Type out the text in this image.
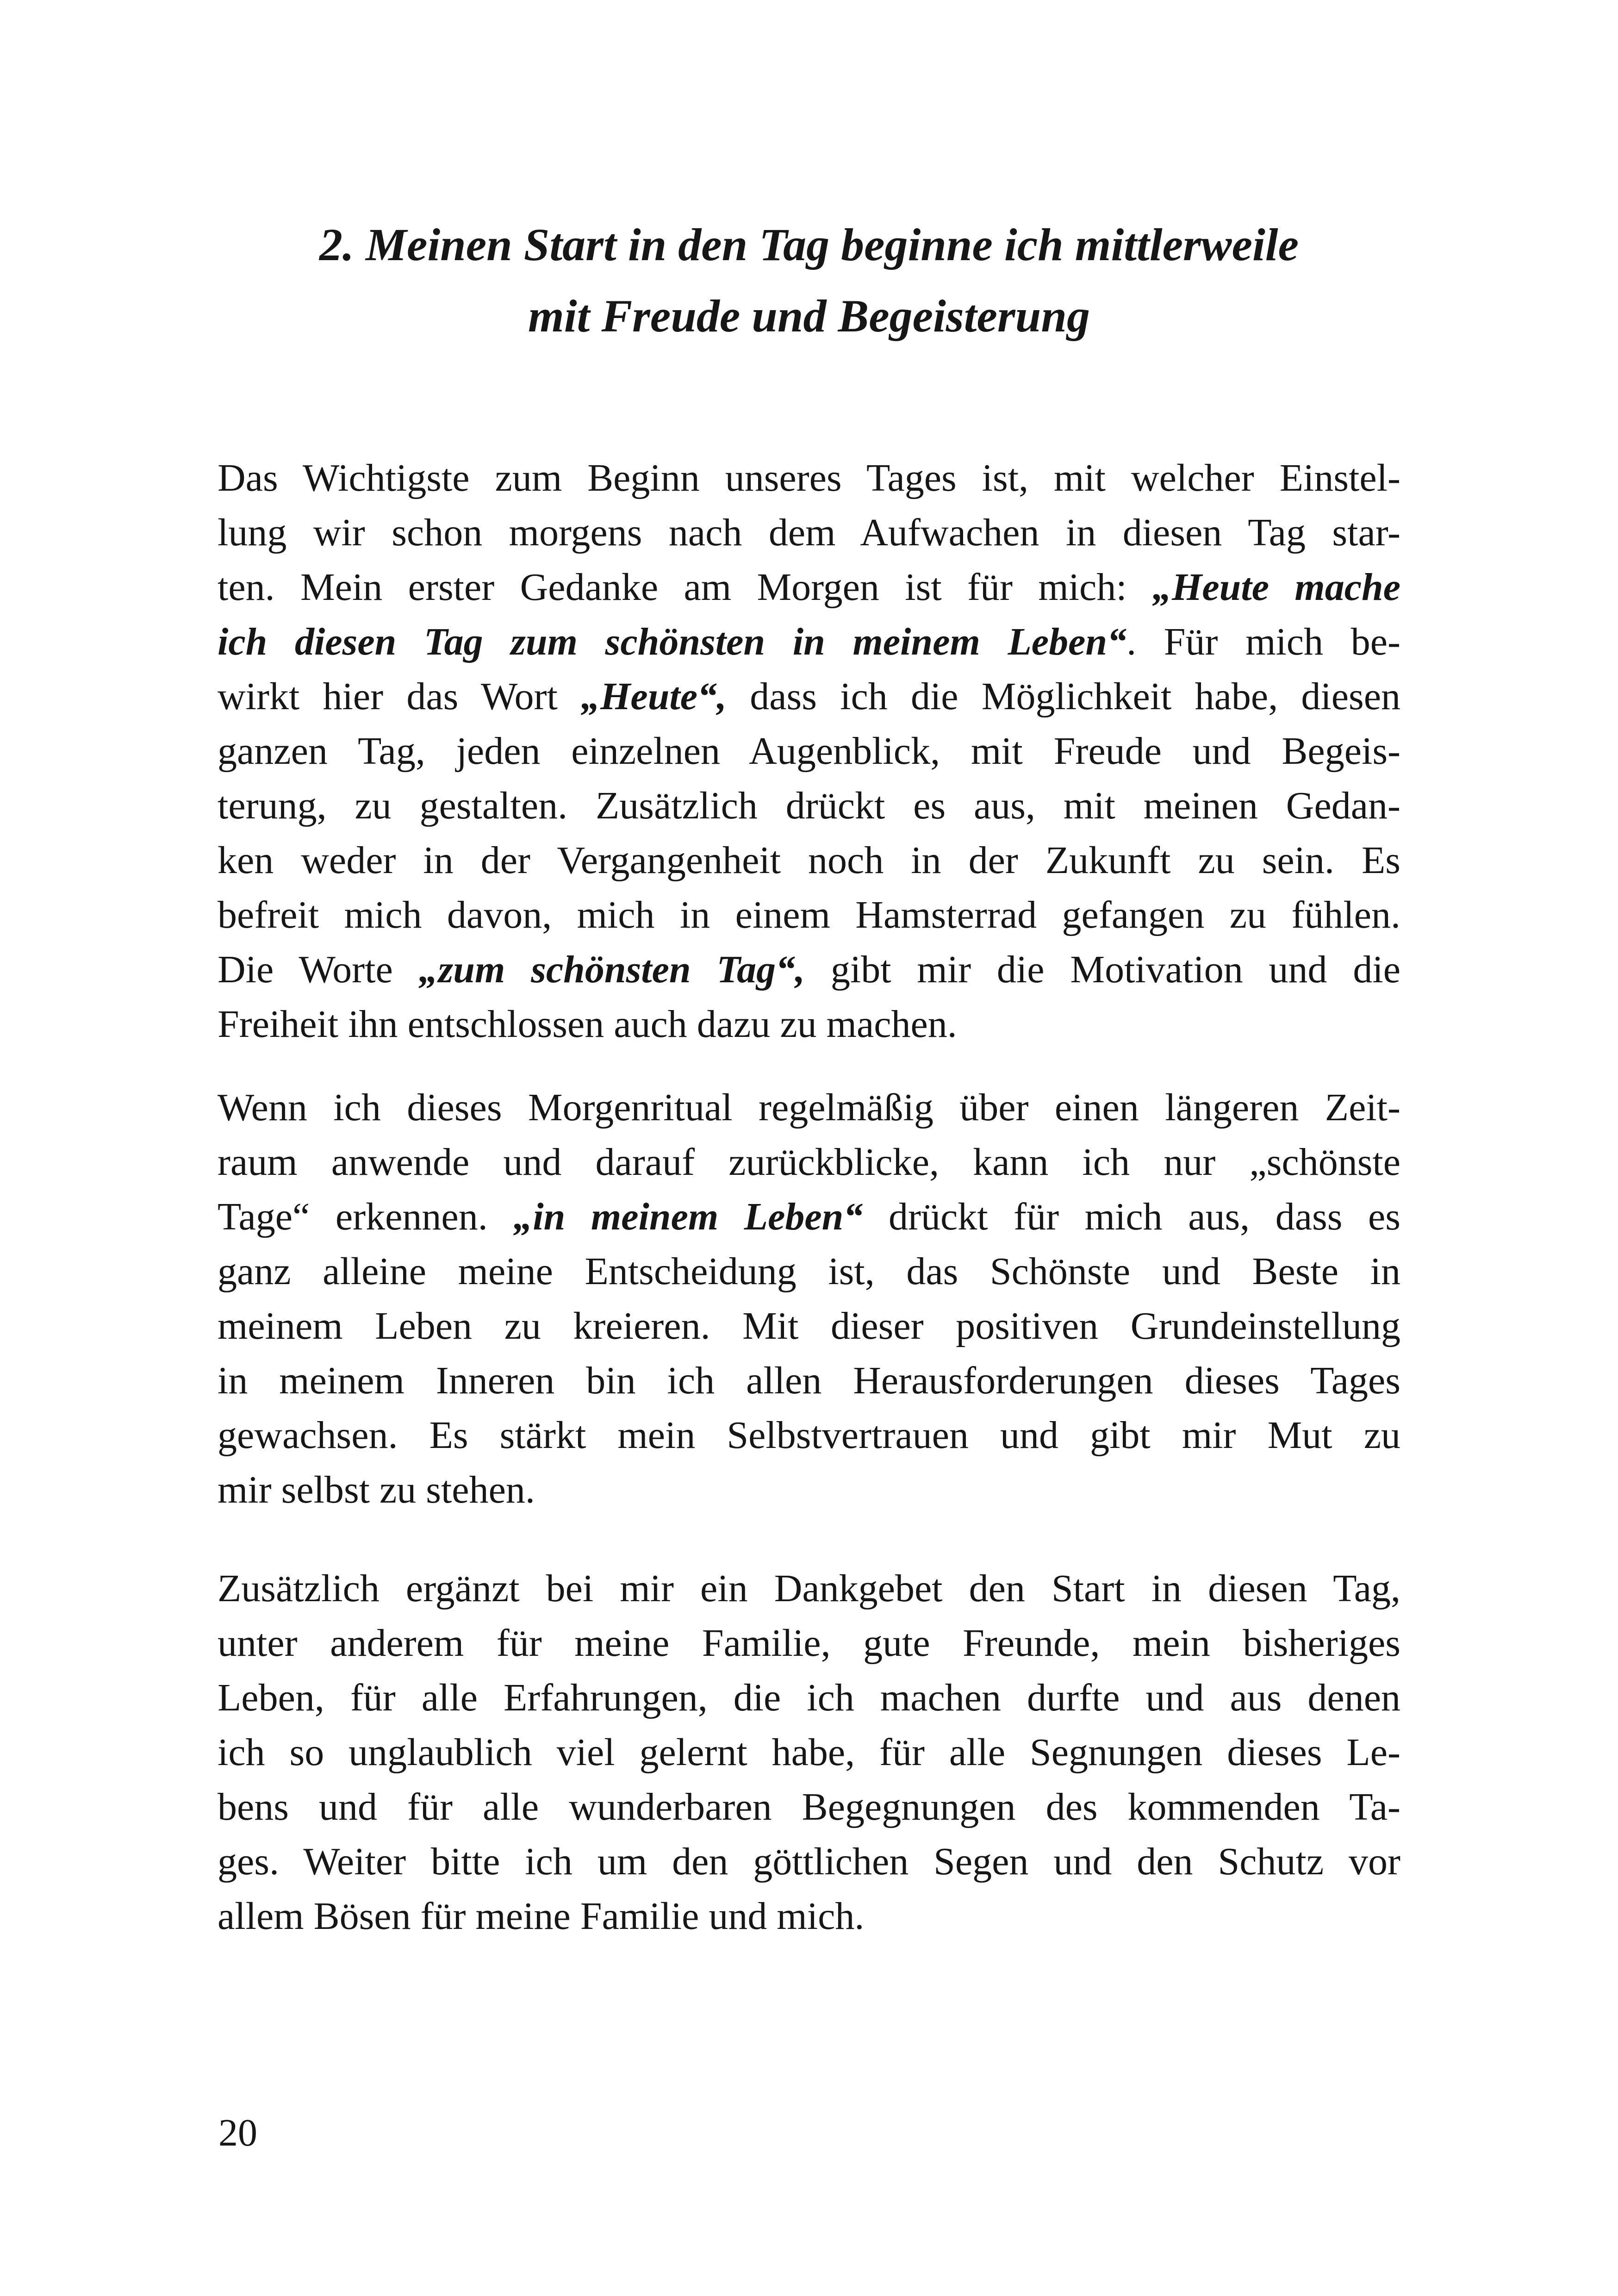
2. Meinen Start in den Tag beginne ich mittlerweile
mit Freude und Begeisterung

Das Wichtigste zum Beginn unseres Tages ist, mit welcher Einstel-
lung wir schon morgens nach dem Aufwachen in diesen Tag star-
ten. Mein erster Gedanke am Morgen ist für mich: „Heute mache
ich diesen Tag zum schönsten in meinem Leben“. Für mich be-
wirkt hier das Wort „Heute“, dass ich die Möglichkeit habe, diesen
ganzen Tag, jeden einzelnen Augenblick, mit Freude und Begeis-
terung, zu gestalten. Zusätzlich drückt es aus, mit meinen Gedan-
ken weder in der Vergangenheit noch in der Zukunft zu sein. Es
befreit mich davon, mich in einem Hamsterrad gefangen zu fühlen.
Die Worte „zum schönsten Tag“, gibt mir die Motivation und die
Freiheit ihn entschlossen auch dazu zu machen.

Wenn ich dieses Morgenritual regelmäßig über einen längeren Zeit-
raum anwende und darauf zurückblicke, kann ich nur „schönste
Tage“ erkennen. „in meinem Leben“ drückt für mich aus, dass es
ganz alleine meine Entscheidung ist, das Schönste und Beste in
meinem Leben zu kreieren. Mit dieser positiven Grundeinstellung
in meinem Inneren bin ich allen Herausforderungen dieses Tages
gewachsen. Es stärkt mein Selbstvertrauen und gibt mir Mut zu
mir selbst zu stehen.

Zusätzlich ergänzt bei mir ein Dankgebet den Start in diesen Tag,
unter anderem für meine Familie, gute Freunde, mein bisheriges
Leben, für alle Erfahrungen, die ich machen durfte und aus denen
ich so unglaublich viel gelernt habe, für alle Segnungen dieses Le-
bens und für alle wunderbaren Begegnungen des kommenden Ta-
ges. Weiter bitte ich um den göttlichen Segen und den Schutz vor
allem Bösen für meine Familie und mich.

20
